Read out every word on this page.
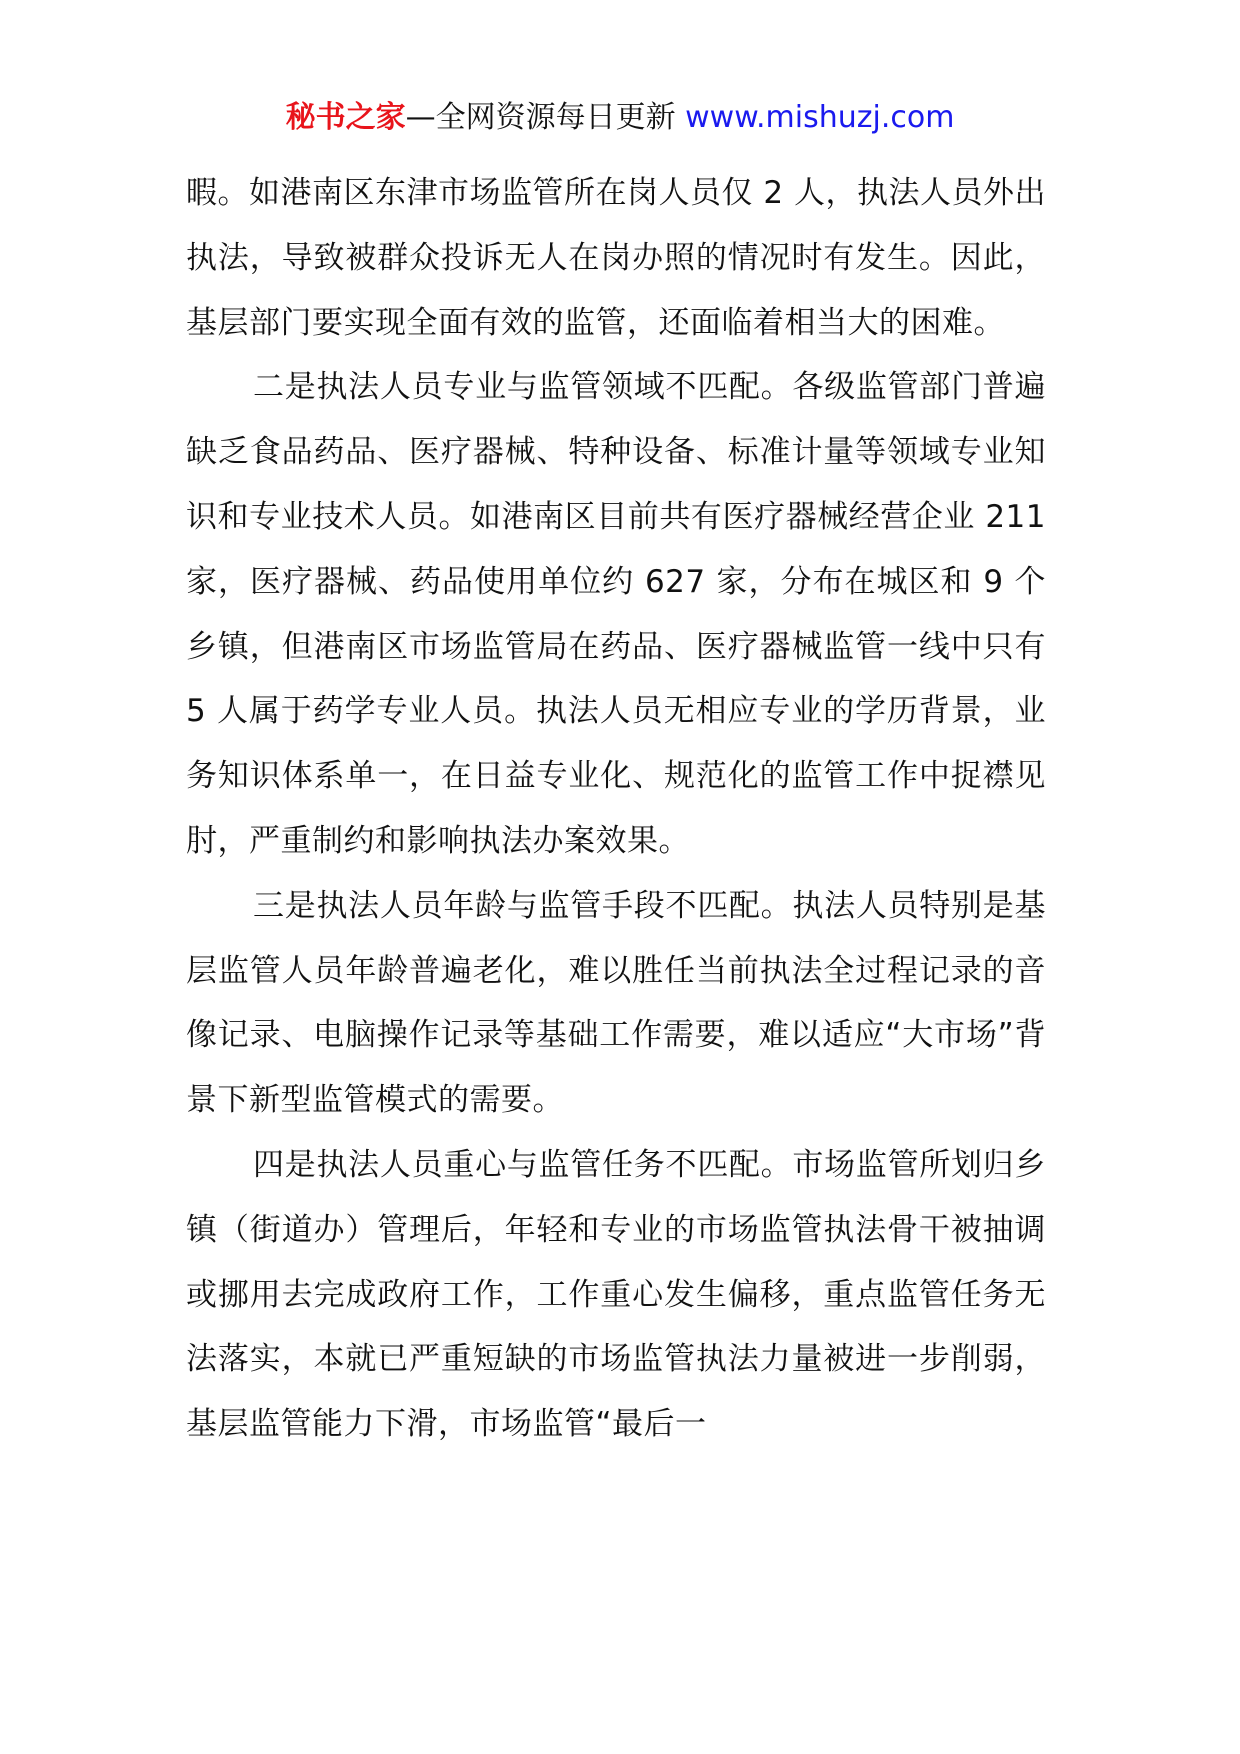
秘书之家—全网资源每日更新 www.mishuzj.com

暇。如港南区东津市场监管所在岗人员仅 2 人，执法人员外出执法，导致被群众投诉无人在岗办照的情况时有发生。因此，基层部门要实现全面有效的监管，还面临着相当大的困难。

二是执法人员专业与监管领域不匹配。各级监管部门普遍缺乏食品药品、医疗器械、特种设备、标准计量等领域专业知识和专业技术人员。如港南区目前共有医疗器械经营企业 211 家，医疗器械、药品使用单位约 627 家，分布在城区和 9 个乡镇，但港南区市场监管局在药品、医疗器械监管一线中只有 5 人属于药学专业人员。执法人员无相应专业的学历背景，业务知识体系单一，在日益专业化、规范化的监管工作中捉襟见肘，严重制约和影响执法办案效果。

三是执法人员年龄与监管手段不匹配。执法人员特别是基层监管人员年龄普遍老化，难以胜任当前执法全过程记录的音像记录、电脑操作记录等基础工作需要，难以适应“大市场”背景下新型监管模式的需要。

四是执法人员重心与监管任务不匹配。市场监管所划归乡镇（街道办）管理后，年轻和专业的市场监管执法骨干被抽调或挪用去完成政府工作，工作重心发生偏移，重点监管任务无法落实，本就已严重短缺的市场监管执法力量被进一步削弱，基层监管能力下滑，市场监管“最后一
